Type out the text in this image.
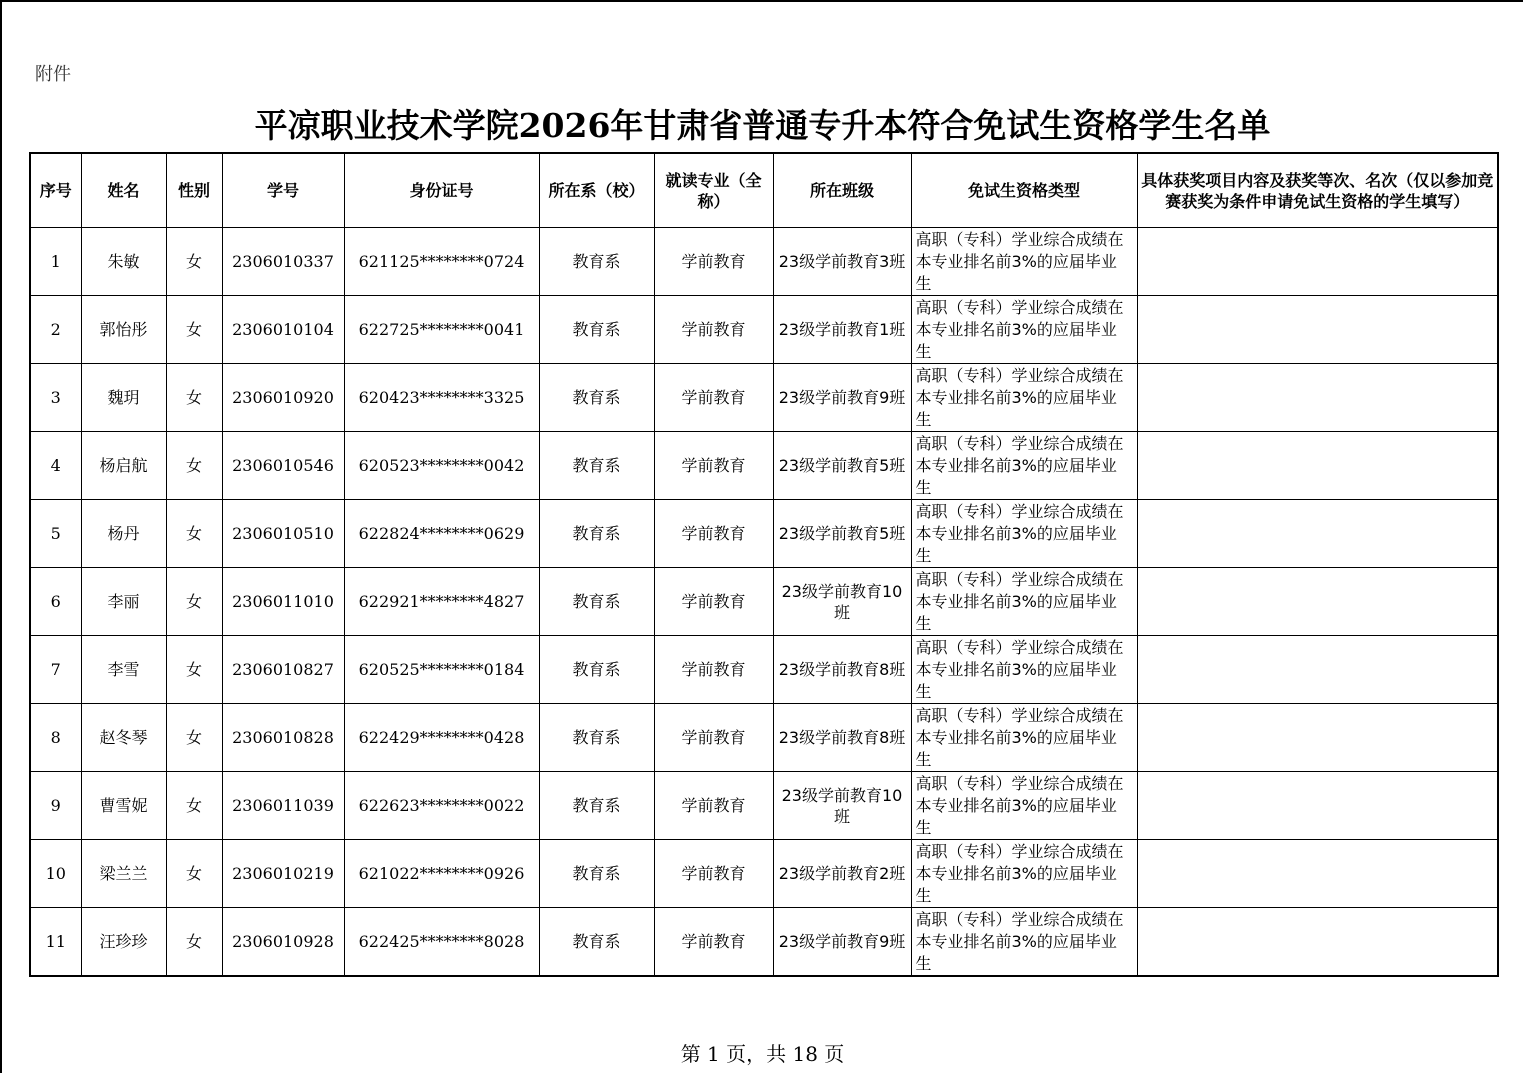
附件
平凉职业技术学院2026年甘肃省普通专升本符合免试生资格学生名单
序号	姓名	性别	学号	身份证号	所在系（校）	就读专业（全称）	所在班级	免试生资格类型	具体获奖项目内容及获奖等次、名次（仅以参加竞赛获奖为条件申请免试生资格的学生填写）
1	朱敏	女	2306010337	621125********0724	教育系	学前教育	23级学前教育3班	高职（专科）学业综合成绩在本专业排名前3%的应届毕业生	
2	郭怡彤	女	2306010104	622725********0041	教育系	学前教育	23级学前教育1班	高职（专科）学业综合成绩在本专业排名前3%的应届毕业生	
3	魏玥	女	2306010920	620423********3325	教育系	学前教育	23级学前教育9班	高职（专科）学业综合成绩在本专业排名前3%的应届毕业生	
4	杨启航	女	2306010546	620523********0042	教育系	学前教育	23级学前教育5班	高职（专科）学业综合成绩在本专业排名前3%的应届毕业生	
5	杨丹	女	2306010510	622824********0629	教育系	学前教育	23级学前教育5班	高职（专科）学业综合成绩在本专业排名前3%的应届毕业生	
6	李丽	女	2306011010	622921********4827	教育系	学前教育	23级学前教育10班	高职（专科）学业综合成绩在本专业排名前3%的应届毕业生	
7	李雪	女	2306010827	620525********0184	教育系	学前教育	23级学前教育8班	高职（专科）学业综合成绩在本专业排名前3%的应届毕业生	
8	赵冬琴	女	2306010828	622429********0428	教育系	学前教育	23级学前教育8班	高职（专科）学业综合成绩在本专业排名前3%的应届毕业生	
9	曹雪妮	女	2306011039	622623********0022	教育系	学前教育	23级学前教育10班	高职（专科）学业综合成绩在本专业排名前3%的应届毕业生	
10	梁兰兰	女	2306010219	621022********0926	教育系	学前教育	23级学前教育2班	高职（专科）学业综合成绩在本专业排名前3%的应届毕业生	
11	汪珍珍	女	2306010928	622425********8028	教育系	学前教育	23级学前教育9班	高职（专科）学业综合成绩在本专业排名前3%的应届毕业生	
第 1 页，共 18 页
